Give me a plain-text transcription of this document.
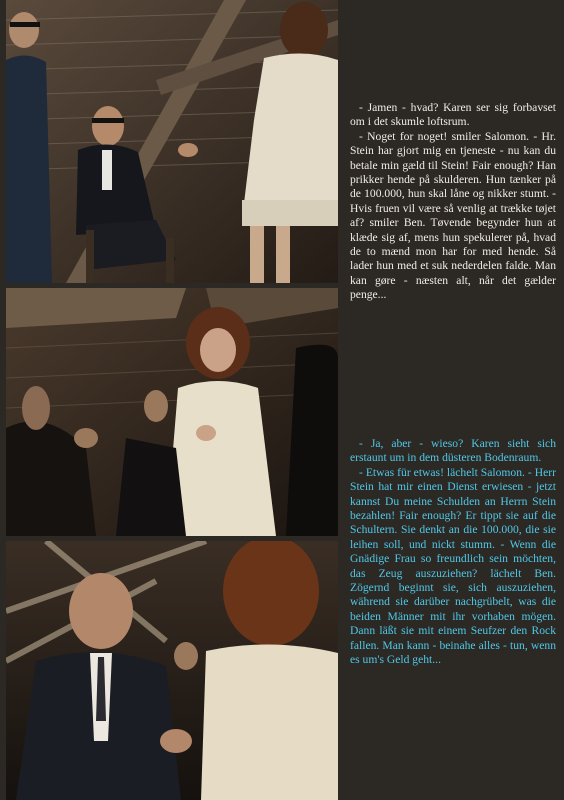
- Jamen - hvad? Karen ser sig forbavset om i det skumle loftsrum.

- Noget for noget! smiler Salomon. - Hr. Stein har gjort mig en tjeneste - nu kan du betale min gæld til Stein! Fair enough? Han prikker hende på skulderen. Hun tænker på de 100.000, hun skal låne og nikker stumt. - Hvis fruen vil være så venlig at trække tøjet af? smiler Ben. Tøvende begynder hun at klæde sig af, mens hun spekulerer på, hvad de to mænd mon har for med hende. Så lader hun med et suk nederdelen falde. Man kan gøre - næsten alt, når det gælder penge...

- Ja, aber - wieso? Karen sieht sich erstaunt um in dem düsteren Bodenraum.

- Etwas für etwas! lächelt Salomon. - Herr Stein hat mir einen Dienst erwiesen - jetzt kannst Du meine Schulden an Herrn Stein bezahlen! Fair enough? Er tippt sie auf die Schultern. Sie denkt an die 100.000, die sie leihen soll, und nickt stumm. - Wenn die Gnädige Frau so freundlich sein möchten, das Zeug auszuziehen? lächelt Ben. Zögernd beginnt sie, sich auszuziehen, während sie darüber nachgrübelt, was die beiden Männer mit ihr vorhaben mögen. Dann läßt sie mit einem Seufzer den Rock fallen. Man kann - beinahe alles - tun, wenn es um's Geld geht...
